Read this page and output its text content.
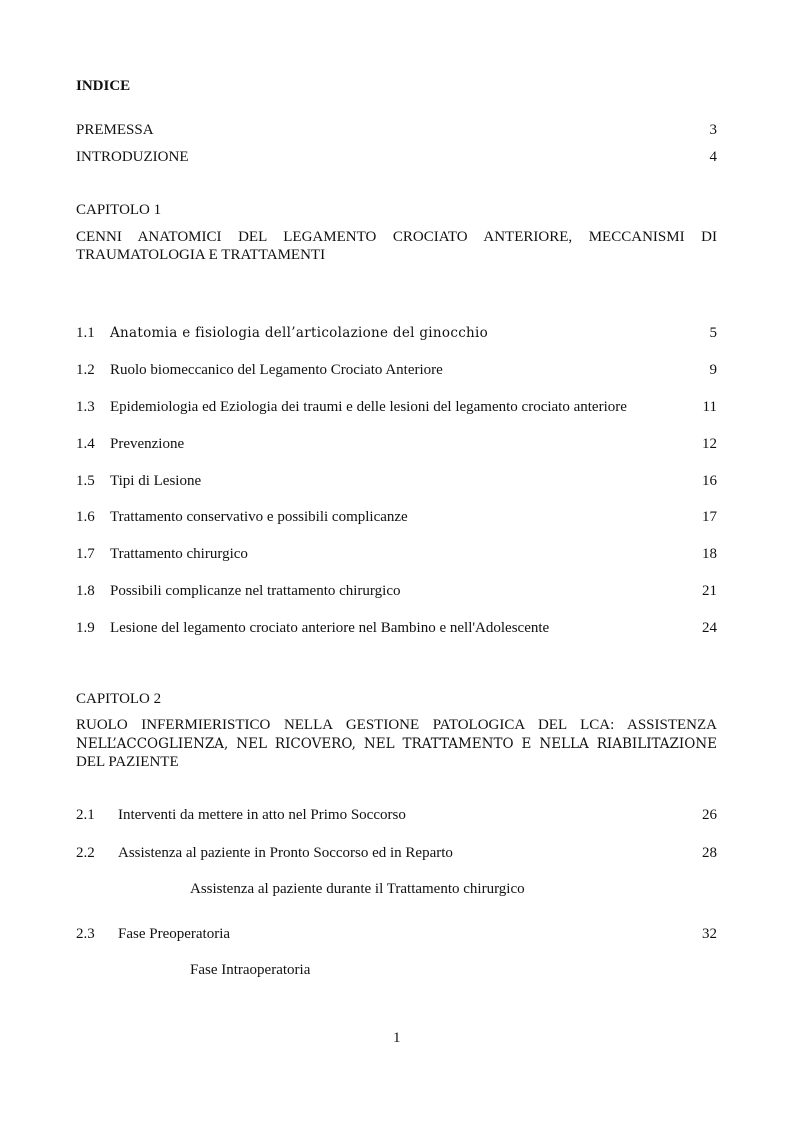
INDICE
PREMESSA	3
INTRODUZIONE	4
CAPITOLO 1
CENNI ANATOMICI DEL LEGAMENTO CROCIATO ANTERIORE, MECCANISMI DI TRAUMATOLOGIA E TRATTAMENTI
1.1 Anatomia e fisiologia dell’articolazione del ginocchio	5
1.2 Ruolo biomeccanico del Legamento Crociato Anteriore	9
1.3 Epidemiologia ed Eziologia dei traumi e delle lesioni del legamento crociato anteriore	11
1.4 Prevenzione	12
1.5 Tipi di Lesione	16
1.6 Trattamento conservativo e possibili complicanze	17
1.7 Trattamento chirurgico	18
1.8 Possibili complicanze nel trattamento chirurgico	21
1.9 Lesione del legamento crociato anteriore nel Bambino e nell'Adolescente	24
CAPITOLO 2
RUOLO INFERMIERISTICO NELLA GESTIONE PATOLOGICA DEL LCA: ASSISTENZA
NELL’ACCOGLIENZA, NEL RICOVERO, NEL TRATTAMENTO E NELLA RIABILITAZIONE
DEL PAZIENTE
2.1 Interventi da mettere in atto nel Primo Soccorso	26
2.2 Assistenza al paziente in Pronto Soccorso ed in Reparto	28
Assistenza al paziente durante il Trattamento chirurgico
2.3 Fase Preoperatoria	32
Fase Intraoperatoria
1
